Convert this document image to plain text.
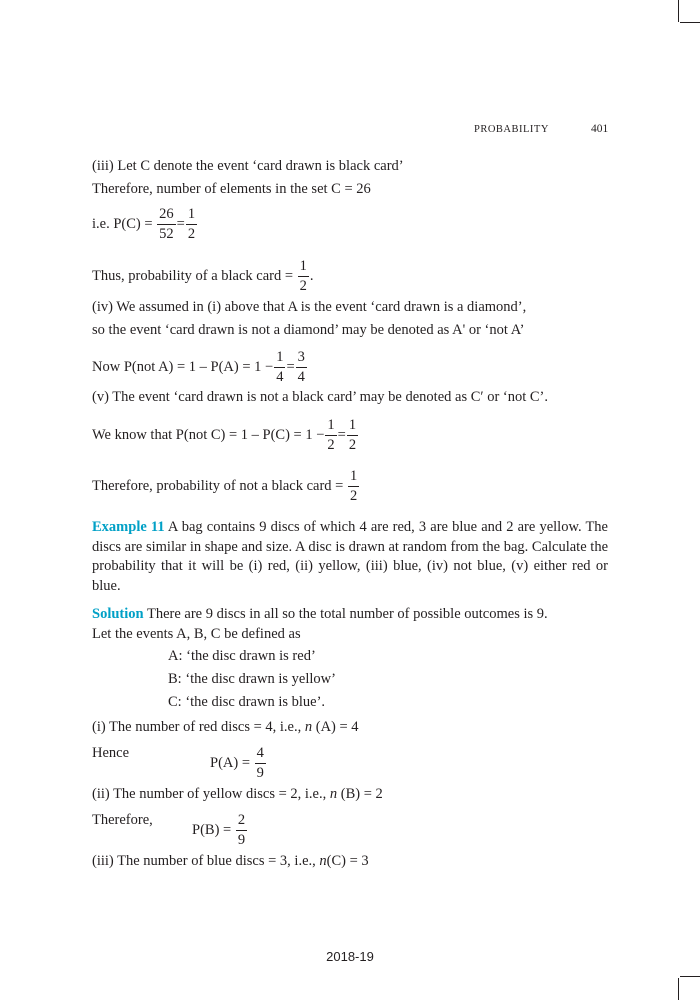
PROBABILITY	401
(iii) Let C denote the event ‘card drawn is black card’
Therefore, number of elements in the set C = 26
i.e. $P(C) = \frac{26}{52} = \frac{1}{2}$
Thus, probability of a black card = $\frac{1}{2}$ .
(iv) We assumed in (i) above that A is the event ‘card drawn is a diamond’,
so the event ‘card drawn is not a diamond’ may be denoted as A' or ‘not A’
Now P(not $A) = 1 - P(A) = 1 - \frac{1}{4} = \frac{3}{4}$
(v) The event ‘card drawn is not a black card’ may be denoted as C′ or ‘not C’.
We know that P(not $C) = 1 - P(C) = 1 - \frac{1}{2} = \frac{1}{2}$
Therefore, probability of not a black card = $\frac{1}{2}$
Example 11 A bag contains 9 discs of which 4 are red, 3 are blue and 2 are yellow. The discs are similar in shape and size. A disc is drawn at random from the bag. Calculate the probability that it will be (i) red, (ii) yellow, (iii) blue, (iv) not blue, (v) either red or blue.
Solution There are 9 discs in all so the total number of possible outcomes is 9.
Let the events A, B, C be defined as
A: ‘the disc drawn is red’
B: ‘the disc drawn is yellow’
C: ‘the disc drawn is blue’.
(i) The number of red discs = 4, i.e., n (A) = 4
Hence
$P(A) = \frac{4}{9}$
(ii) The number of yellow discs = 2, i.e., n (B) = 2
Therefore,
$P(B) = \frac{2}{9}$
(iii) The number of blue discs = 3, i.e., n(C) = 3
2018-19
